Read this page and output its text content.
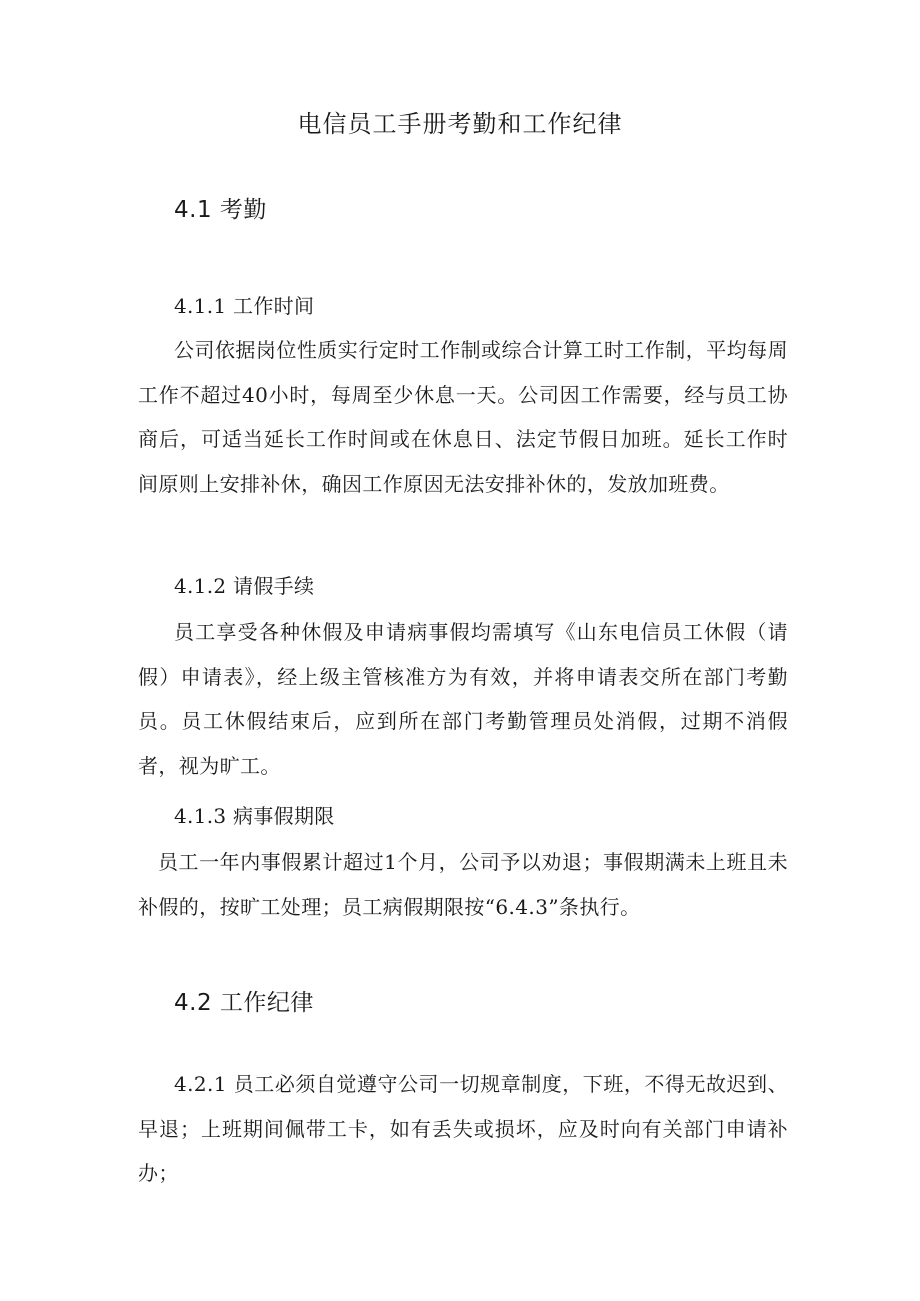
电信员工手册考勤和工作纪律
4.1 考勤
4.1.1 工作时间

公司依据岗位性质实行定时工作制或综合计算工时工作制，平均每周工作不超过40小时，每周至少休息一天。公司因工作需要，经与员工协商后，可适当延长工作时间或在休息日、法定节假日加班。延长工作时间原则上安排补休，确因工作原因无法安排补休的，发放加班费。

4.1.2 请假手续

员工享受各种休假及申请病事假均需填写《山东电信员工休假（请假）申请表》，经上级主管核准方为有效，并将申请表交所在部门考勤员。员工休假结束后，应到所在部门考勤管理员处消假，过期不消假者，视为旷工。

4.1.3 病事假期限

员工一年内事假累计超过1个月，公司予以劝退；事假期满未上班且未补假的，按旷工处理；员工病假期限按“6.4.3”条执行。

4.2 工作纪律

4.2.1 员工必须自觉遵守公司一切规章制度，下班，不得无故迟到、早退；上班期间佩带工卡，如有丢失或损坏，应及时向有关部门申请补办；
